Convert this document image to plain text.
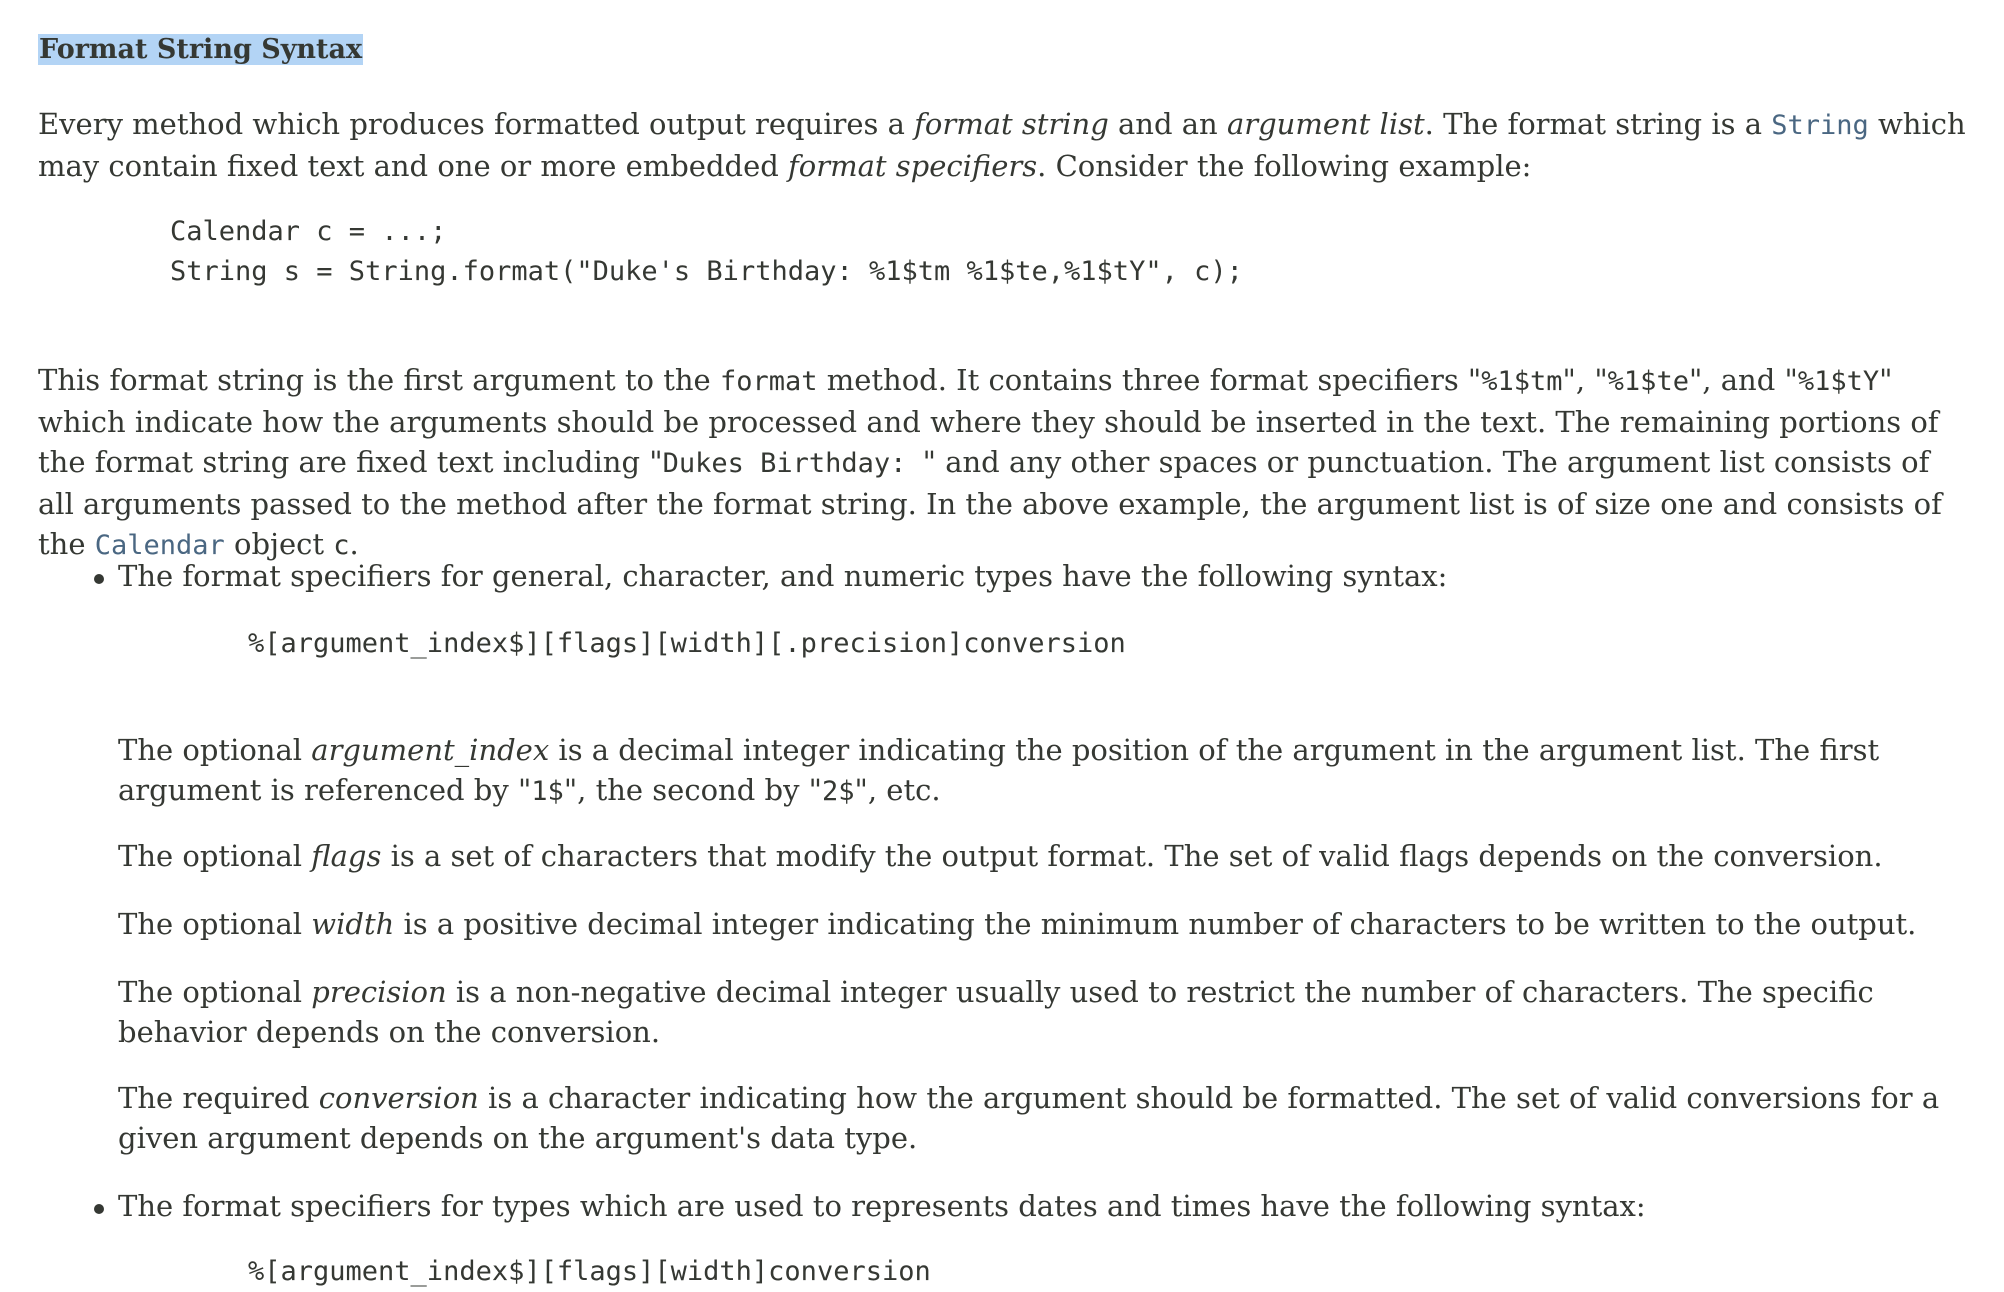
Format String Syntax

Every method which produces formatted output requires a format string and an argument list. The format string is a String which may contain fixed text and one or more embedded format specifiers. Consider the following example:

Calendar c = ...;
String s = String.format("Duke's Birthday: %1$tm %1$te,%1$tY", c);

This format string is the first argument to the format method. It contains three format specifiers "%1$tm", "%1$te", and "%1$tY" which indicate how the arguments should be processed and where they should be inserted in the text. The remaining portions of the format string are fixed text including "Dukes Birthday: " and any other spaces or punctuation. The argument list consists of all arguments passed to the method after the format string. In the above example, the argument list is of size one and consists of the Calendar object c.

The format specifiers for general, character, and numeric types have the following syntax:

%[argument_index$][flags][width][.precision]conversion

The optional argument_index is a decimal integer indicating the position of the argument in the argument list. The first argument is referenced by "1$", the second by "2$", etc.

The optional flags is a set of characters that modify the output format. The set of valid flags depends on the conversion.

The optional width is a positive decimal integer indicating the minimum number of characters to be written to the output.

The optional precision is a non-negative decimal integer usually used to restrict the number of characters. The specific behavior depends on the conversion.

The required conversion is a character indicating how the argument should be formatted. The set of valid conversions for a given argument depends on the argument's data type.

The format specifiers for types which are used to represents dates and times have the following syntax:

%[argument_index$][flags][width]conversion
